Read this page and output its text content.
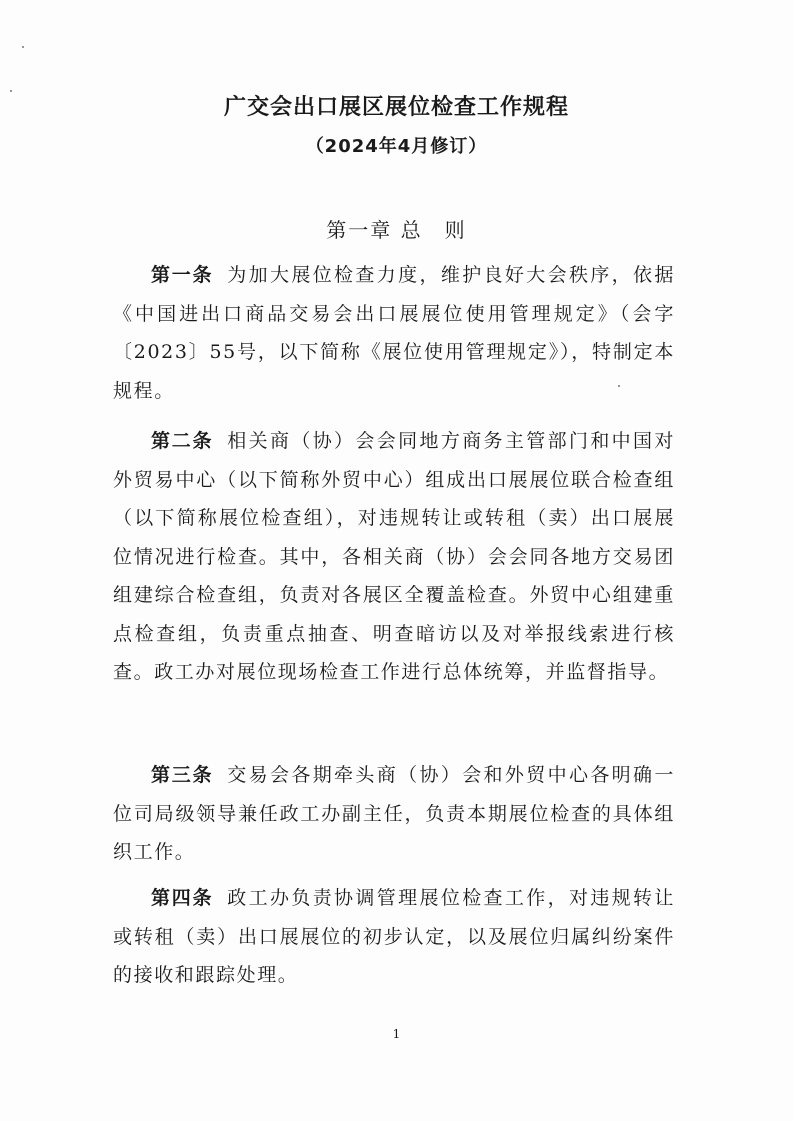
广交会出口展区展位检查工作规程
（2024年4月修订）
第一章 总　则

第一条 为加大展位检查力度，维护良好大会秩序，依据《中国进出口商品交易会出口展展位使用管理规定》（会字〔2023〕55号，以下简称《展位使用管理规定》），特制定本规程。

第二条 相关商（协）会会同地方商务主管部门和中国对外贸易中心（以下简称外贸中心）组成出口展展位联合检查组（以下简称展位检查组），对违规转让或转租（卖）出口展展位情况进行检查。其中，各相关商（协）会会同各地方交易团组建综合检查组，负责对各展区全覆盖检查。外贸中心组建重点检查组，负责重点抽查、明查暗访以及对举报线索进行核查。政工办对展位现场检查工作进行总体统筹，并监督指导。

第三条 交易会各期牵头商（协）会和外贸中心各明确一位司局级领导兼任政工办副主任，负责本期展位检查的具体组织工作。

第四条 政工办负责协调管理展位检查工作，对违规转让或转租（卖）出口展展位的初步认定，以及展位归属纠纷案件的接收和跟踪处理。

1
